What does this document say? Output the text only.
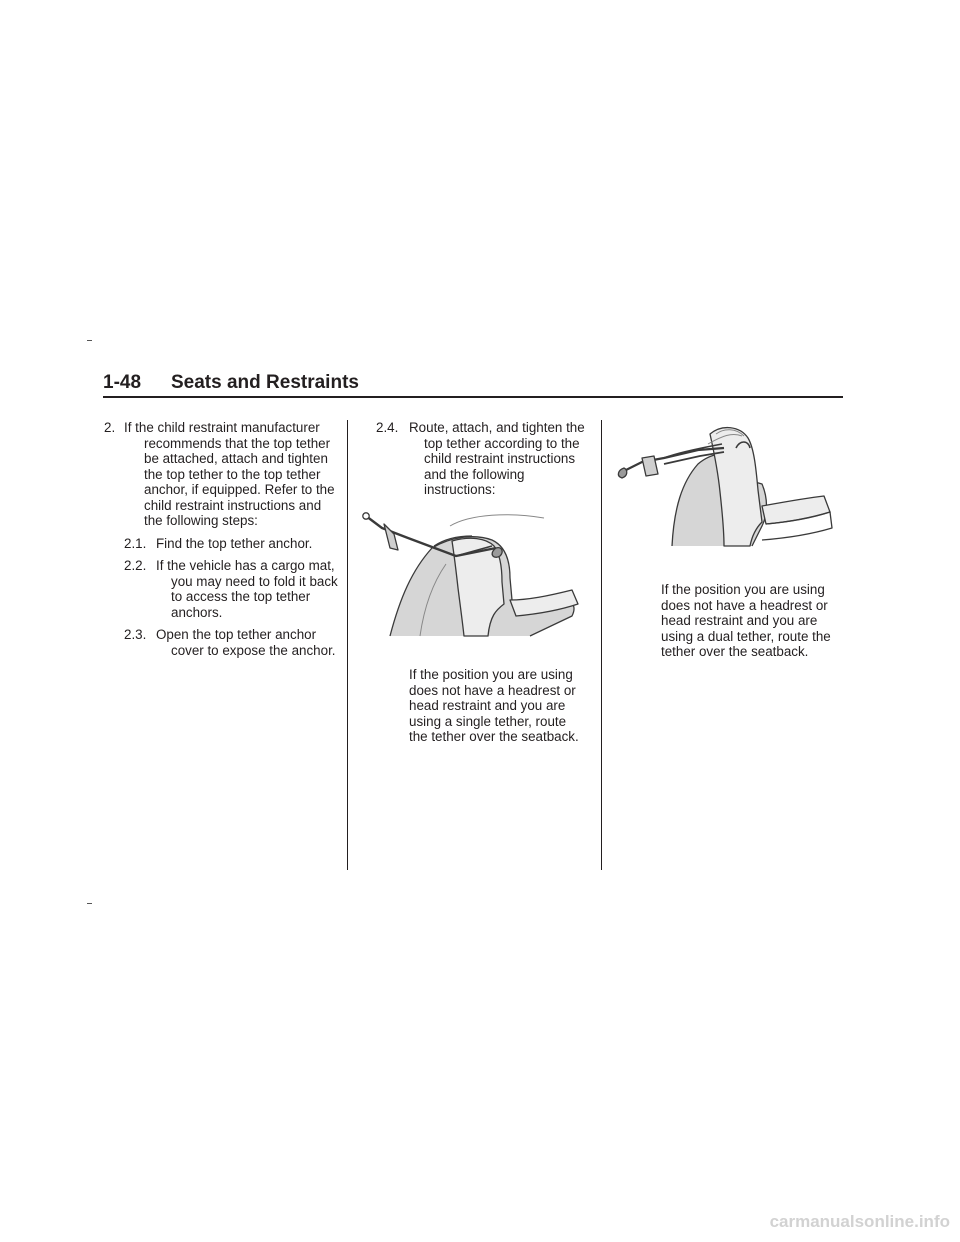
1-48 Seats and Restraints
2. If the child restraint manufacturer recommends that the top tether be attached, attach and tighten the top tether to the top tether anchor, if equipped. Refer to the child restraint instructions and the following steps:
2.1. Find the top tether anchor.
2.2. If the vehicle has a cargo mat, you may need to fold it back to access the top tether anchors.
2.3. Open the top tether anchor cover to expose the anchor.
2.4. Route, attach, and tighten the top tether according to the child restraint instructions and the following instructions:
If the position you are using does not have a headrest or head restraint and you are using a single tether, route the tether over the seatback.
If the position you are using does not have a headrest or head restraint and you are using a dual tether, route the tether over the seatback.
carmanualsonline.info
